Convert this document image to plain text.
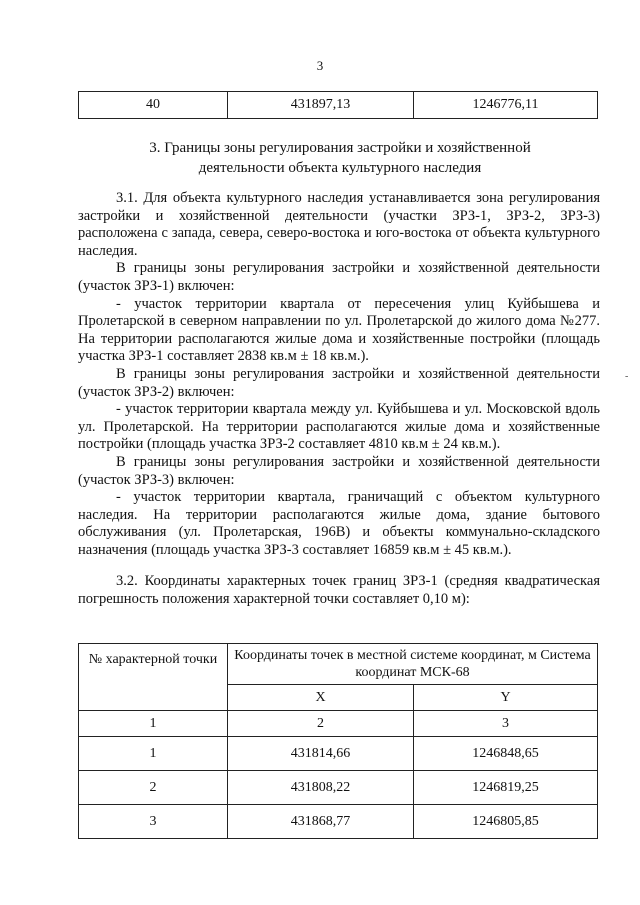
3
40	431897,13	1246776,11
3. Границы зоны регулирования застройки и хозяйственной
деятельности объекта культурного наследия

3.1. Для объекта культурного наследия устанавливается зона регулирования застройки и хозяйственной деятельности (участки ЗРЗ-1, ЗРЗ-2, ЗРЗ-3) расположена с запада, севера, северо-востока и юго-востока от объекта культурного наследия.

В границы зоны регулирования застройки и хозяйственной деятельности (участок ЗРЗ-1) включен:

- участок территории квартала от пересечения улиц Куйбышева и Пролетарской в северном направлении по ул. Пролетарской до жилого дома №277. На территории располагаются жилые дома и хозяйственные постройки (площадь участка ЗРЗ-1 составляет 2838 кв.м ± 18 кв.м.).

В границы зоны регулирования застройки и хозяйственной деятельности (участок ЗРЗ-2) включен:

- участок территории квартала между ул. Куйбышева и ул. Московской вдоль ул. Пролетарской. На территории располагаются жилые дома и хозяйственные постройки (площадь участка ЗРЗ-2 составляет 4810 кв.м ± 24 кв.м.).

В границы зоны регулирования застройки и хозяйственной деятельности (участок ЗРЗ-3) включен:

- участок территории квартала, граничащий с объектом культурного наследия. На территории располагаются жилые дома, здание бытового обслуживания (ул. Пролетарская, 196В) и объекты коммунально-складского назначения (площадь участка ЗРЗ-3 составляет 16859 кв.м ± 45 кв.м.).

3.2. Координаты характерных точек границ ЗРЗ-1 (средняя квадратическая погрешность положения характерной точки составляет 0,10 м):

№ характерной точки	Координаты точек в местной системе координат, м Система координат МСК-68	
	X	Y
1	2	3
1	431814,66	1246848,65
2	431808,22	1246819,25
3	431868,77	1246805,85
-
